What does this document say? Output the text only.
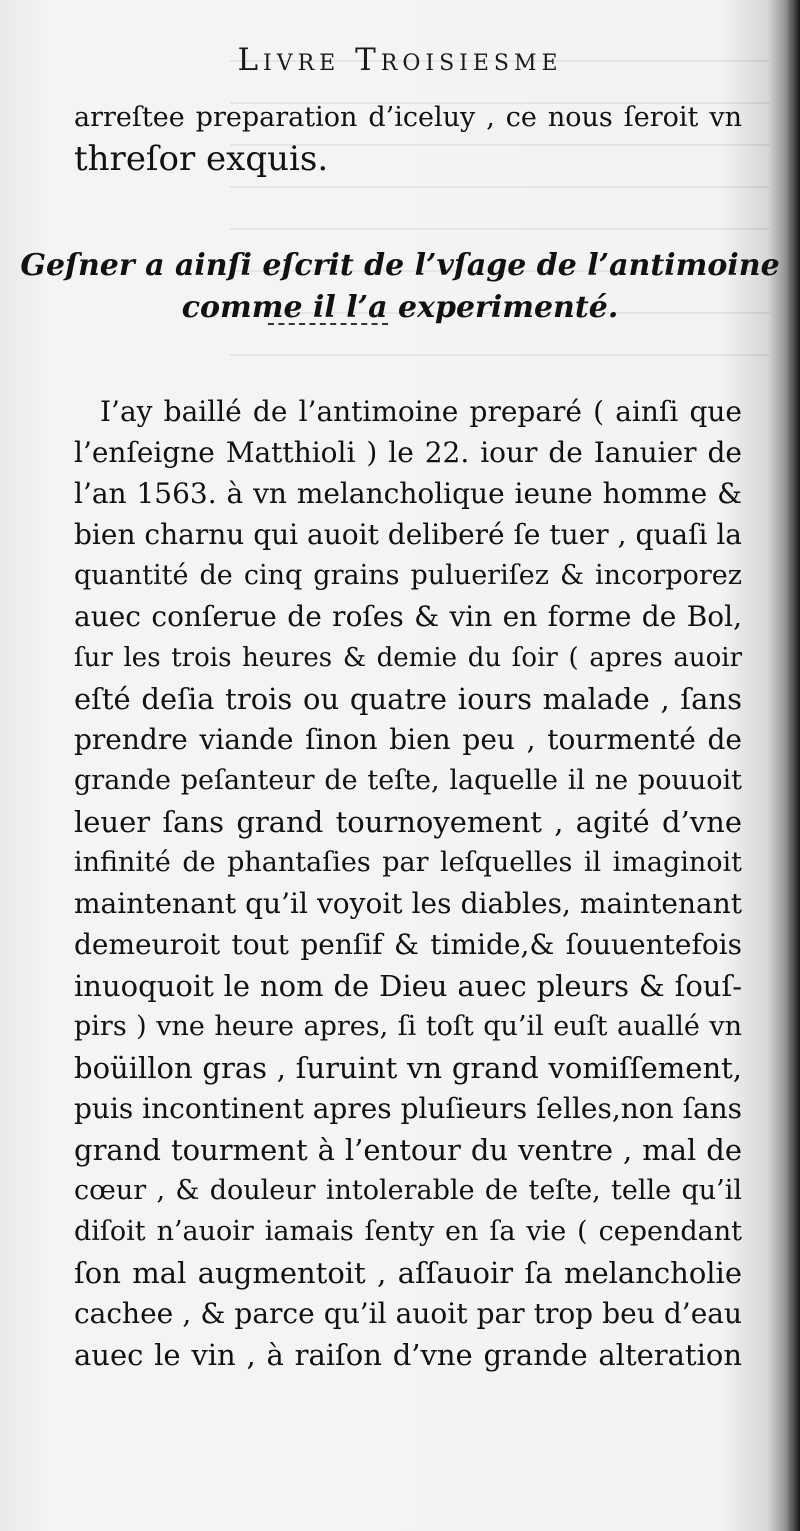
Livre Troisiesme
arreſtee preparation d’iceluy , ce nous ſeroit vn
threſor exquis.
Geſner a ainſi eſcrit de l’vſage de l’antimoine
comme il l’a experimenté.
I’ay baillé de l’antimoine preparé ( ainſi que
l’enſeigne Matthioli ) le 22. iour de Ianuier de
l’an 1563. à vn melancholique ieune homme &
bien charnu qui auoit deliberé ſe tuer , quaſi la
quantité de cinq grains pulueriſez & incorporez
auec conſerue de roſes & vin en forme de Bol,
ſur les trois heures & demie du ſoir ( apres auoir
eſté deſia trois ou quatre iours malade , ſans
prendre viande ſinon bien peu , tourmenté de
grande peſanteur de teſte, laquelle il ne pouuoit
leuer ſans grand tournoyement , agité d’vne
infinité de phantaſies par leſquelles il imaginoit
maintenant qu’il voyoit les diables, maintenant
demeuroit tout penſif & timide,& ſouuentefois
inuoquoit le nom de Dieu auec pleurs & ſouſ-
pirs ) vne heure apres, ſi toſt qu’il euſt auallé vn
boüillon gras , ſuruint vn grand vomiſſement,
puis incontinent apres pluſieurs ſelles,non ſans
grand tourment à l’entour du ventre , mal de
cœur , & douleur intolerable de teſte, telle qu’il
diſoit n’auoir iamais ſenty en ſa vie ( cependant
ſon mal augmentoit , aſſauoir ſa melancholie
cachee , & parce qu’il auoit par trop beu d’eau
auec le vin , à raiſon d’vne grande alteration
